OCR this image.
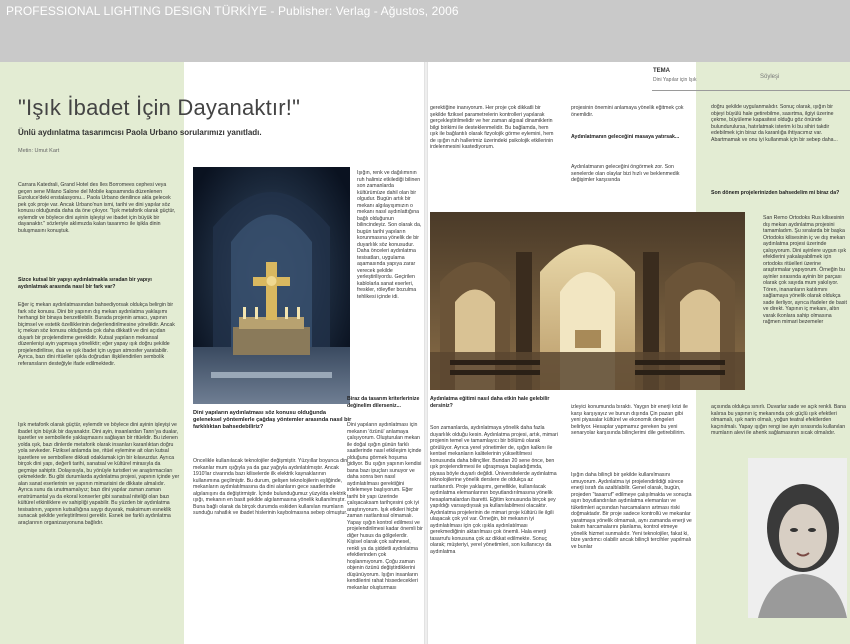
PROFESSIONAL LIGHTING DESIGN TÜRKİYE - Publisher: Verlag - Ağustos, 2006
TEMA
Dini Yapılar için Işık	Söyleşi
"Işık İbadet İçin Dayanaktır!"
Ünlü aydınlatma tasarımcısı Paola Urbano sorularımızı yanıtladı.
Metin: Umut Kart
Carrara Katedrali, Grand Hotel des Iles Borromees cephesi veya geçen sene Milano Salone del Mobile kapsamında düzenlenen Euroluce'deki enstalasyonu... Paola Urbano denilince akla gelecek pek çok proje var. Ancak Urbano'nun ismi, tarihi ve dini yapılar söz konusu olduğunda daha da öne çıkıyor. "Işık metaforik olarak güçtür, eylemdir ve böylece dini ayinin işleyişi ve ibadet için büyük bir dayanaktır." sözleriyle aklımızda kalan tasarımcı ile işikla dinin buluşmasını konuştuk.
Sizce kutsal bir yapıyı aydınlatmakla sıradan bir yapıyı aydınlatmak arasında nasıl bir fark var?
Eğer iç mekan aydınlatmasından bahsediyorsak oldukça belirgin bir fark söz konusu. Dini bir yapının dış mekan aydınlatma yaklaşımı herhangi bir binaya benzetilebilir. Burada projenin amacı, yapının biçimsel ve estetik özelliklerinin değerlendirilmesine yöneliktir. Ancak iç mekan söz konusu olduğunda çok daha dikkatli ve dini açıdan duyarlı bir projelendirme gereklidir. Kutsal yapıların mekansal düzenlenişi ayin yapmaya yöneliktir; eğer yapay ışık doğru şekilde projelendirilirse, dua ve ışık ibadet için uygun atmosfer yaratabilir. Ayrıca, bazı dini ritüeller ışıkla doğrudan ilişkilendirilen sembolik referansların desteğiyle ifade edilmektedir.
Işık metaforik olarak güçtür, eylemdir ve böylece dini ayinin işleyişi ve ibadet için büyük bir dayanaktır. Dini ayin, insanlardan Tanrı'ya dualar, işaretler ve sembollerle yaklaşmasını sağlayan bir ritüeldir. Bu izlenen yolda ışık, bazı dinlerde metaforik olarak insanları karanlıktan doğru yola sevkeder. Fiziksel anlamda ise, ritüel eylemine ait olan kutsal işaretlere ve sembollere dikkati odaklamak için bir kılavuzdur. Ayrıca birçok dini yapı, değerli tarihi, sanatsal ve kültürel mirasıyla da geçmişe sahiptir. Dolayısıyla, bu yönüyle turistleri ve araştırmacıları çekmektedir. Bu gibi durumlarda aydınlatma projesi, yapının içinde yer alan sanat eserlerinin ve yapının mimarisini de dikkate almalıdır. Ayrıca sunu da unutmamalıyız; bazı dini yapılar zaman zaman enstrümantal ya da ekoral konserler gibi sanatsal niteliği olan bazı kültürel etkinliklere ev sahipliği yapabilir. Bu yüzden bir aydınlatma tesisatının, yapının kutsallığına saygı duyarak, maksimum esneklik sunacak şekilde yerleştirilmesi gereklir. Esnek ise farklı aydınlatma araçlarının organizasyonuna bağlıdır.
Dini yapıların aydınlatması söz konusu olduğunda geleneksel yöntemlerle çağdaş yöntemler arasında nasıl bir farklılıktan bahsedebiliriz?
Öncelikle kullanılacak teknolojiler değişmiştir. Yüzyıllar boyunca dini mekanlar mum ışığıyla ya da gaz yağıyla aydınlatılmıştır. Ancak 1910'lar civarında bazı kiliselerde ilk elektrik kaynaklarının kullanımına geçilmiştir. Bu durum, gelişen teknolojilerin eşliğinde, mekanların aydınlatılmasına da dini alanların gece saatlerinde algılanışını da değiştirmiştir. İçinde bulunduğumuz yüzyılda elektrik ışığı, mekanın en basit şekilde algılanmasına yönelik kullanılmıştır. Buna bağlı olarak da birçok durumda eskiden kullanılan mumların sunduğu rahatlık ve ibadet hislerinin kaybolmasına sebep olmuştur.
Işığın, renk ve dağılımının ruh halimiz etkilediği bilinen son zamanlarda kültürümüze dahil olan bir olgudur. Bugün artık bir mekanı algılayışımızın o mekanı nasıl aydınlattığına bağlı olduğunun bilincindeyiz. Son olarak da, bugün tarihi yapıların korunmasına yönelik de bir duyarlılık söz konusudur. Daha önceleri aydınlatma tesisatları, uygulama aşamasında yapıya zarar verecek şekilde yerleştiriliyordu. Geçirilen kablolarla sanat eserleri, freskler, röleyfler bozulma tehlikesi içinde idi.
Biraz da tasarım kriterlerinize değinelim dilerseniz...
Dini yapıların aydınlatması için mekanın 'özünü' anlamaya çalışıyorum. Oluşturulan mekan ile doğal ışığın günün farklı saatlerinde nasıl etkileşim içinde olduğunu görmek hoşuma gidiyor. Bu ışığın yapının kendisi bana bazı ipuçları sunuyor ve daha sonra ben nasıl aydınlatılması gerektiğini irdelemeye başlıyorum. Eğer tarihi bir yapı üzerinde çalışacaksam tarihçesini çok iyi araştırıyorum. Işık etkileri hiçbir zaman rastlantısal olmamalı. Yapay ışığın kontrol edilmesi ve projelendirilmesi kadar önemli bir diğer husus da gölgelerdir. Kişisel olarak çok sahnesel, renkli ya da şiddetli aydınlatma efektlerinden çok hoşlanmıyorum. Çoğu zaman objenin özünü değiştirdiklerini düşünüyorum. Işığın insanların kendilerini rahat hissedecekleri mekanlar oluşturması
gerektiğine inanıyorum. Her proje çok dikkatli bir şekilde fiziksel parametrelerin kontrolleri yapılarak gerçekleştirilmelidir ve her zaman algısal dinamiklerin bilgi birikimi ile desteklenmelidir. Bu bağlamda, hem ışık ile bağlantılı olarak fizyolojik görme eylemini, hem de ışığın ruh hallerimiz üzerindeki psikolojik etkilerinin irdelenmesini kastediyorum.
projesinin önemini anlamaya yönelik eğitmek çok önemlidir.
Aydınlatmanın geleceğini masaya yatırsak...
Aydınlatmanın geleceğini öngörmek zor. Son senelerde olan olaylar bizi hızlı ve beklenmedik değişimler karşısında
doğru şekilde uygulanmalıdır. Sonuç olarak, ışığın bir objeyi büyülü hale getirebilme, sasırtma, ilgiyi üzerine çekme, büyüleme kapasitesi olduğu göz önünde bulundurulursa, hatırlatmak isterim ki bu sihiri takdir edebilmek için biraz da karanlığa ihtiyacımız var. Abartmamak ve onu iyi kullanmak için bir sebep daha...
Son dönem projelerinizden bahsedelim mi biraz da?
San Remo Ortodoks Rus kilisesinin dış mekan aydınlatma projesini tamamladım. Şu sıralarda bir başka Ortodoks kilisesinin iç ve dış mekan aydınlatma projesi üzerinde çalışıyorum. Dini ayinlere uygun ışık efektlerini yakalayabilmek için ortodoks ritüelleri üzerine araştırmalar yapıyorum. Örneğin bu ayinler sırasında ayinin bir parçası olarak çok sayıda mum yakılıyor. Tören, inananların katılımını sağlamaya yönelik olarak oldukça sade ilerliyor, ayrıca ifadeler de basit ve direkt. Yapının iç mekanı, altın varak ikonlara sahip olmasına rağmen mimari bezemeler
açısında oldukça sınırlı. Duvarlar sade ve açık renkli. Bana kalırsa bu yapının iç mekanında çok güçlü ışık efektleri olmamalı, ışık narin olmalı, yoğun teatral efektlerden kaçınılmalı. Yapay ışığın rengi ise ayin sırasında kullanılan mumların alevi ile ahenk sağlamasının sıcak olmalıdır.
Aydınlatma eğitimi nasıl daha etkin hale gelebilir dersiniz?
Son zamanlarda, aydınlatmaya yönelik daha fazla duyarlılık olduğu kesin. Aydınlatma projesi, artık, mimari projenin temel ve tamamlayıcı bir bölümü olarak görülüyor. Ayrıca yerel yönetimler de, ışığın kalkını ile kentsel mekanların kalitelerinin yükseltilmesi konusunda daha bilinçliler. Bundan 20 sene önce, ben ışık projelendirmesi ile uğraşmaya başladığımda, piyasa böyle duyarlı değildi. Üniversitelerde aydınlatma teknolojilerine yönelik derslere de oldukça az rastlanırdı. Proje yaklaşımı, genellikle, kullanılacak aydınlatma elemanlarının boyutlandırılmasına yönelik hesaplamalardan ibaretti. Eğitim konusunda birçok şey yapıldığı varsaydıysak ya kullanılabilmesi olacaktır. Aydınlatma projelerinin de mimari proje kültürü ile ilgili ulaşacak çok yol var. Örneğin, bir mekanın iyi aydınlatılması için çok ışıkla aydınlatılması gerekmediğinin aktarılması çok önemli. Hala enerji tasarrufu konusuna çok az dikkat edilmekte. Sonuç olarak; müşteriyi, yerel yönetimleri, son kullanıcıyı da aydınlatma
izleyici konumunda bıraktı. Yaygın bir enerji krizi ile karşı karşıyayız ve bunun dışında Çin pazarı gibi yeni piyasalar kültürel ve ekonomik dengeleri belirliyor. Hesaplar yapmamız gereken bu yeni senaryolar karşısında bilinçlerimi dile getirebilirim.
Işığın daha bilinçli bir şekilde kullanılmasını umuyorum. Aydınlatma iyi projelendirildiği sürece enerji israfı da azaltılabilir. Genel olarak, bugün, projeden "tasarruf" edilmeye çalışılmakta ve sonuçta aşırı boyutlandırılan aydınlatma elemanları ve tüketimleri açısından harcamaların artması riski doğmaktadır. Bir proje sadece kontrollü ve mekanlar yaratmaya yönelik olmamalı, aynı zamanda enerji ve bakım harcamalarını planlama, kontrol etmeye yönelik hizmet sunmalıdır. Yeni teknolojiler, fakat ki, bize yardımcı olabilir ancak bilinçli tercihler yapılmalı ve bunlar
